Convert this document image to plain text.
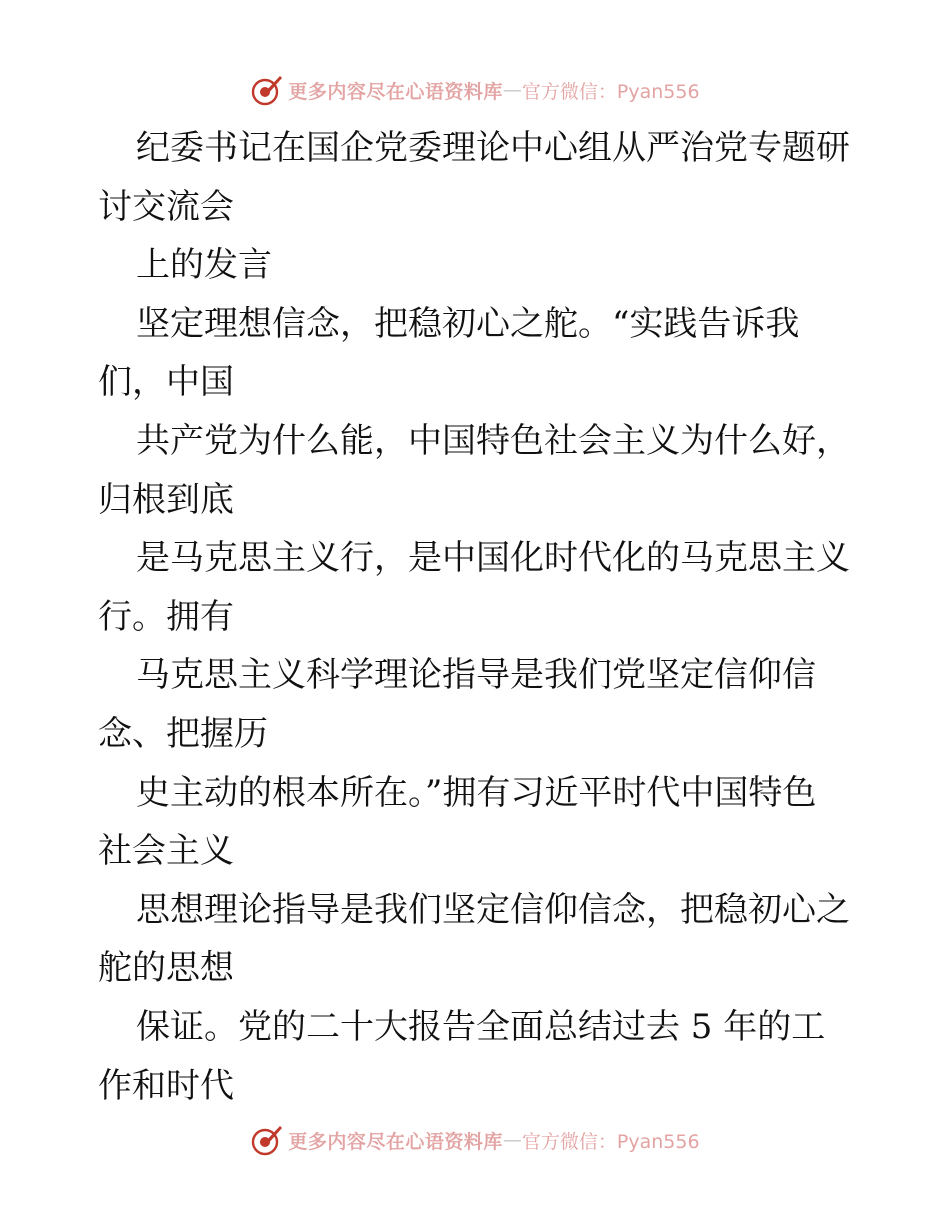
更多内容尽在心语资料库 — 官方微信：Pyan556
纪委书记在国企党委理论中心组从严治党专题研
讨交流会
上的发言
坚定理想信念，把稳初心之舵。“实践告诉我
们，中国
共产党为什么能，中国特色社会主义为什么好，
归根到底
是马克思主义行，是中国化时代化的马克思主义
行。拥有
马克思主义科学理论指导是我们党坚定信仰信
念、把握历
史主动的根本所在。”拥有习近平时代中国特色
社会主义
思想理论指导是我们坚定信仰信念，把稳初心之
舵的思想
保证。党的二十大报告全面总结过去 5 年的工
作和时代
更多内容尽在心语资料库 — 官方微信：Pyan556
